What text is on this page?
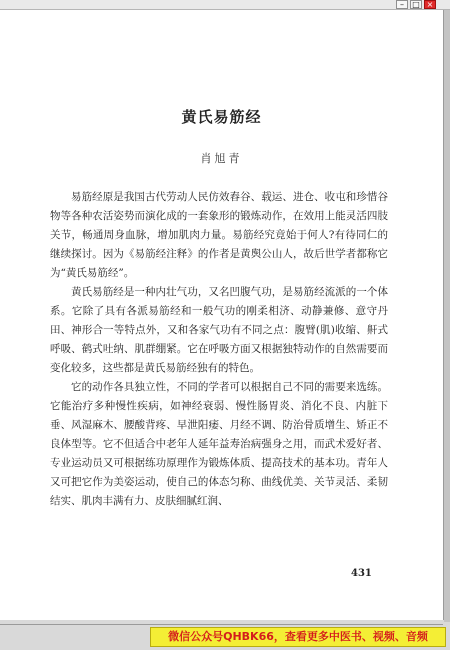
–	□ ×
黄氏易筋经
肖旭青

易筋经原是我国古代劳动人民仿效舂谷、载运、进仓、收屯和珍惜谷物等各种农活姿势而演化成的一套象形的锻炼动作，在效用上能灵活四肢关节，畅通周身血脉，增加肌肉力量。易筋经究竟始于何人?有待同仁的继续探讨。因为《易筋经注释》的作者是黄舆公山人，故后世学者都称它为“黄氏易筋经”。

黄氏易筋经是一种内壮气功，又名凹腹气功，是易筋经流派的一个体系。它除了具有各派易筋经和一般气功的刚柔相济、动静兼修、意守丹田、神形合一等特点外，又和各家气功有不同之点：腹臂(肌)收缩、鼾式呼吸、鹤式吐纳、肌群绷紧。它在呼吸方面又根据独特动作的自然需要而变化较多，这些都是黄氏易筋经独有的特色。

它的动作各具独立性，不同的学者可以根据自己不同的需要来选练。它能治疗多种慢性疾病，如神经衰弱、慢性肠胃炎、消化不良、内脏下垂、风湿麻木、腰酸背疼、早泄阳痿、月经不调、防治骨质增生、矫正不良体型等。它不但适合中老年人延年益寿治病强身之用，而武术爱好者、专业运动员又可根据练功原理作为锻炼体质、提高技术的基本功。青年人又可把它作为美姿运动，使自己的体态匀称、曲线优美、关节灵活、柔韧结实、肌肉丰满有力、皮肤细腻红润、

431
微信公众号QHBK66，查看更多中医书、视频、音频
